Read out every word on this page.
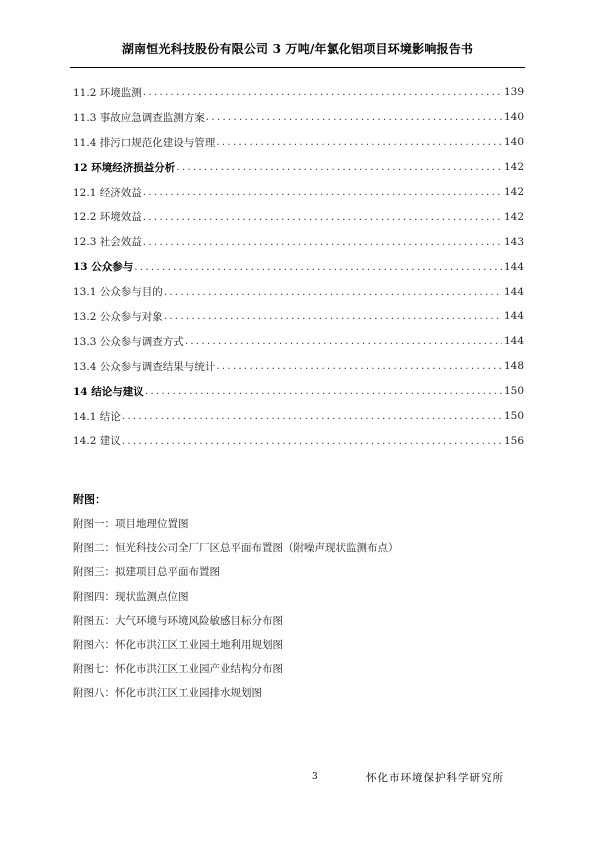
湖南恒光科技股份有限公司 3 万吨/年氯化铝项目环境影响报告书
11.2 环境监测 .....	139
11.3 事故应急调查监测方案 .....	140
11.4 排污口规范化建设与管理 .....	140
12 环境经济损益分析 .....	142
12.1 经济效益 .....	142
12.2 环境效益 .....	142
12.3 社会效益 .....	143
13 公众参与 .....	144
13.1 公众参与目的 .....	144
13.2 公众参与对象 .....	144
13.3 公众参与调查方式 .....	144
13.4 公众参与调查结果与统计 .....	148
14 结论与建议 .....	150
14.1 结论 .....	150
14.2 建议 .....	156
附图：
附图一：项目地理位置图
附图二：恒光科技公司全厂厂区总平面布置图（附噪声现状监测布点）
附图三：拟建项目总平面布置图
附图四：现状监测点位图
附图五：大气环境与环境风险敏感目标分布图
附图六：怀化市洪江区工业园土地利用规划图
附图七：怀化市洪江区工业园产业结构分布图
附图八：怀化市洪江区工业园排水规划图
3	怀化市环境保护科学研究所
